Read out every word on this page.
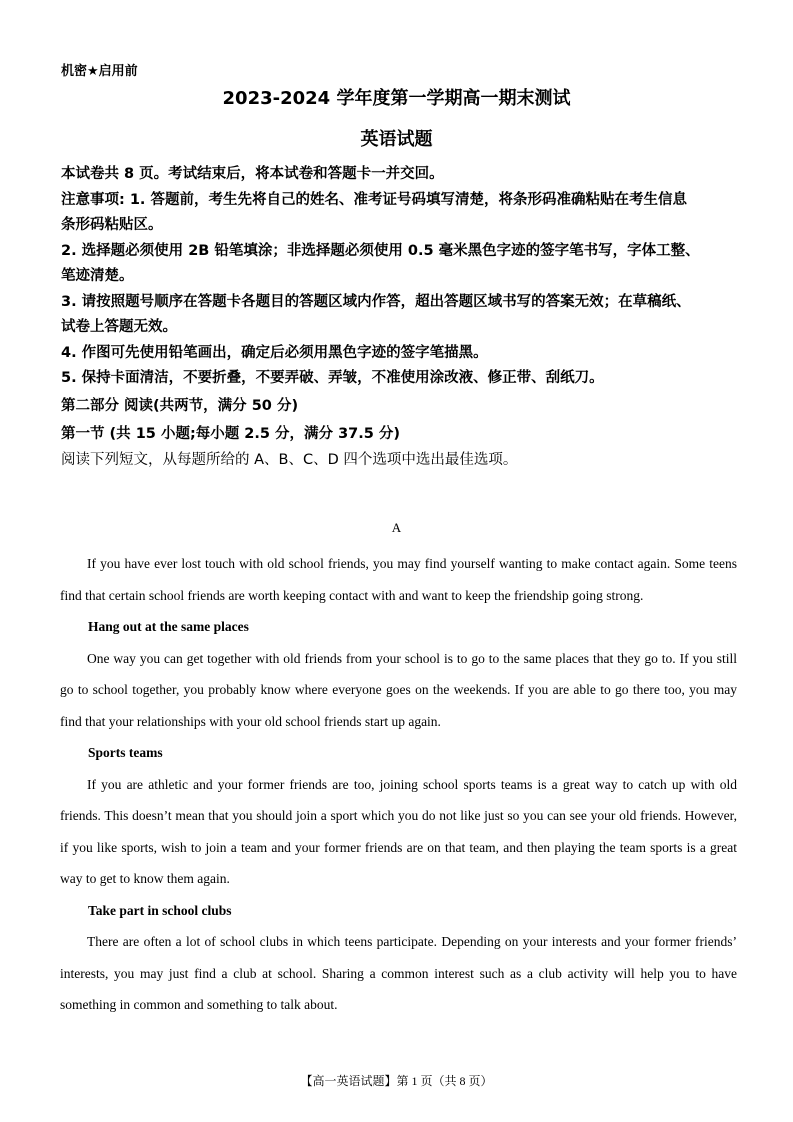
机密★启用前
2023-2024 学年度第一学期高一期末测试
英语试题
本试卷共 8 页。考试结束后，将本试卷和答题卡一并交回。
注意事项: 1. 答题前，考生先将自己的姓名、准考证号码填写清楚，将条形码准确粘贴在考生信息
条形码粘贴区。
2. 选择题必须使用 2B 铅笔填涂；非选择题必须使用 0.5 毫米黑色字迹的签字笔书写，字体工整、
笔迹清楚。
3. 请按照题号顺序在答题卡各题目的答题区域内作答，超出答题区域书写的答案无效；在草稿纸、
试卷上答题无效。
4. 作图可先使用铅笔画出，确定后必须用黑色字迹的签字笔描黑。
5. 保持卡面清洁，不要折叠，不要弄破、弄皱，不准使用涂改液、修正带、刮纸刀。
第二部分 阅读(共两节，满分 50 分)
第一节 (共 15 小题;每小题 2.5 分，满分 37.5 分)
阅读下列短文，从每题所给的 A、B、C、D 四个选项中选出最佳选项。
A

If you have ever lost touch with old school friends, you may find yourself wanting to make contact again. Some teens find that certain school friends are worth keeping contact with and want to keep the friendship going strong.

Hang out at the same places

One way you can get together with old friends from your school is to go to the same places that they go to. If you still go to school together, you probably know where everyone goes on the weekends. If you are able to go there too, you may find that your relationships with your old school friends start up again.

Sports teams

If you are athletic and your former friends are too, joining school sports teams is a great way to catch up with old friends. This doesn’t mean that you should join a sport which you do not like just so you can see your old friends. However, if you like sports, wish to join a team and your former friends are on that team, and then playing the team sports is a great way to get to know them again.

Take part in school clubs

There are often a lot of school clubs in which teens participate. Depending on your interests and your former friends’ interests, you may just find a club at school. Sharing a common interest such as a club activity will help you to have something in common and something to talk about.

【高一英语试题】第 1 页（共 8 页）
